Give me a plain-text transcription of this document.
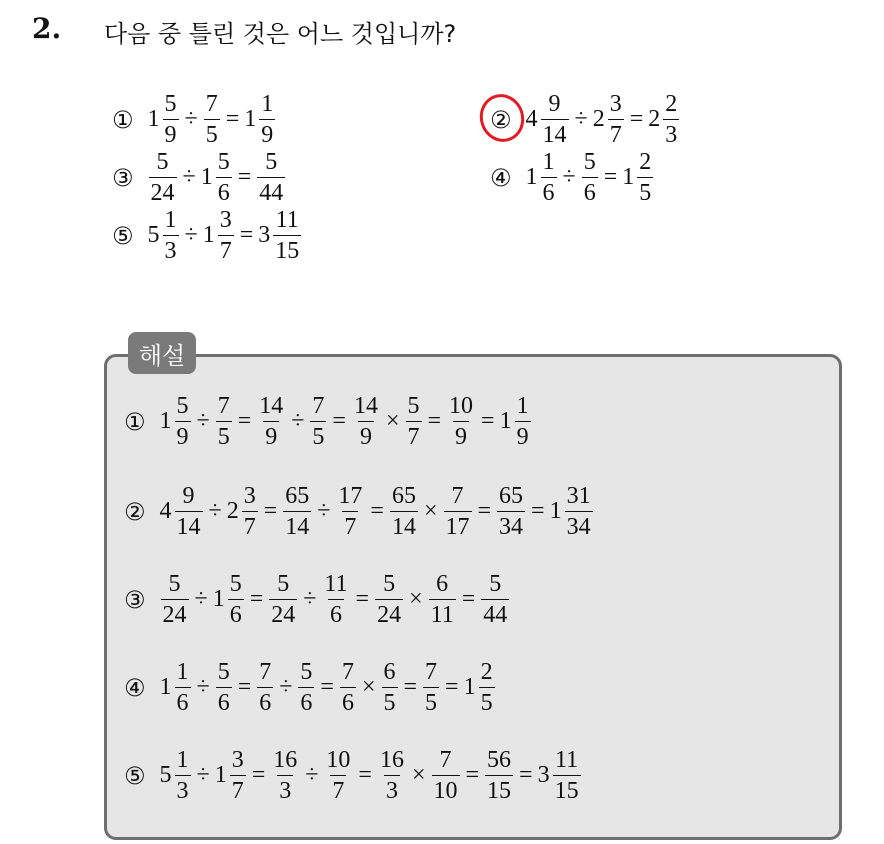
2. 다음 중 틀린 것은 어느 것입니까?
① $1 \frac{5}{9} \div \frac{7}{5} = 1 \frac{1}{9}$	② $4 \frac{9}{14} \div 2 \frac{3}{7} = 2 \frac{2}{3}$
③ $\frac{5}{24} \div 1 \frac{5}{6} = \frac{5}{44}$	④ $1 \frac{1}{6} \div \frac{5}{6} = 1 \frac{2}{5}$
⑤ $5 \frac{1}{3} \div 1 \frac{3}{7} = 3 \frac{11}{15}$
해설
① $1 \frac{5}{9} \div \frac{7}{5} = \frac{14}{9} \div \frac{7}{5} = \frac{14}{9} \times \frac{5}{7} = \frac{10}{9} = 1 \frac{1}{9}$
② $4 \frac{9}{14} \div 2 \frac{3}{7} = \frac{65}{14} \div \frac{17}{7} = \frac{65}{14} \times \frac{7}{17} = \frac{65}{34} = 1 \frac{31}{34}$
③ $\frac{5}{24} \div 1 \frac{5}{6} = \frac{5}{24} \div \frac{11}{6} = \frac{5}{24} \times \frac{6}{11} = \frac{5}{44}$
④ $1 \frac{1}{6} \div \frac{5}{6} = \frac{7}{6} \div \frac{5}{6} = \frac{7}{6} \times \frac{6}{5} = \frac{7}{5} = 1 \frac{2}{5}$
⑤ $5 \frac{1}{3} \div 1 \frac{3}{7} = \frac{16}{3} \div \frac{10}{7} = \frac{16}{3} \times \frac{7}{10} = \frac{56}{15} = 3 \frac{11}{15}$
